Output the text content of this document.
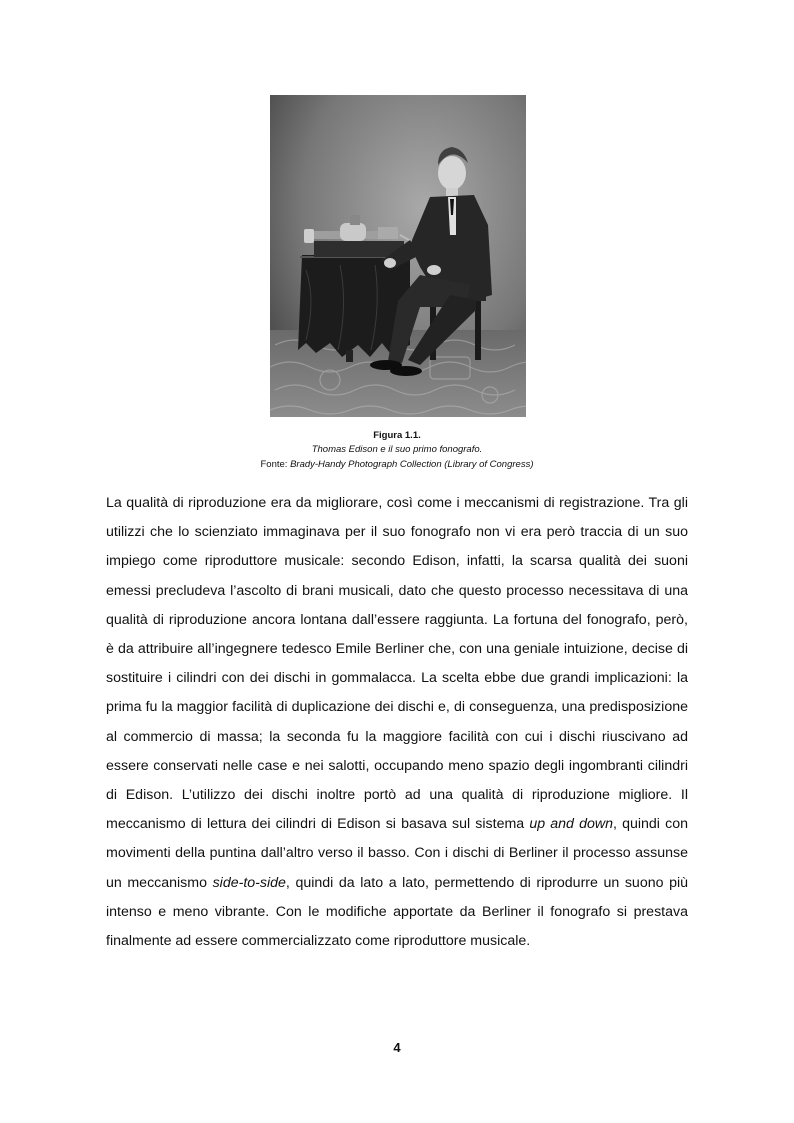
Figura 1.1.
Thomas Edison e il suo primo fonografo.
Fonte: Brady-Handy Photograph Collection (Library of Congress)

La qualità di riproduzione era da migliorare, così come i meccanismi di registrazione. Tra gli utilizzi che lo scienziato immaginava per il suo fonografo non vi era però traccia di un suo impiego come riproduttore musicale: secondo Edison, infatti, la scarsa qualità dei suoni emessi precludeva l’ascolto di brani musicali, dato che questo processo necessitava di una qualità di riproduzione ancora lontana dall’essere raggiunta. La fortuna del fonografo, però, è da attribuire all’ingegnere tedesco Emile Berliner che, con una geniale intuizione, decise di sostituire i cilindri con dei dischi in gommalacca. La scelta ebbe due grandi implicazioni: la prima fu la maggior facilità di duplicazione dei dischi e, di conseguenza, una predisposizione al commercio di massa; la seconda fu la maggiore facilità con cui i dischi riuscivano ad essere conservati nelle case e nei salotti, occupando meno spazio degli ingombranti cilindri di Edison. L’utilizzo dei dischi inoltre portò ad una qualità di riproduzione migliore. Il meccanismo di lettura dei cilindri di Edison si basava sul sistema up and down, quindi con movimenti della puntina dall’altro verso il basso. Con i dischi di Berliner il processo assunse un meccanismo side-to-side, quindi da lato a lato, permettendo di riprodurre un suono più intenso e meno vibrante. Con le modifiche apportate da Berliner il fonografo si prestava finalmente ad essere commercializzato come riproduttore musicale.

4
